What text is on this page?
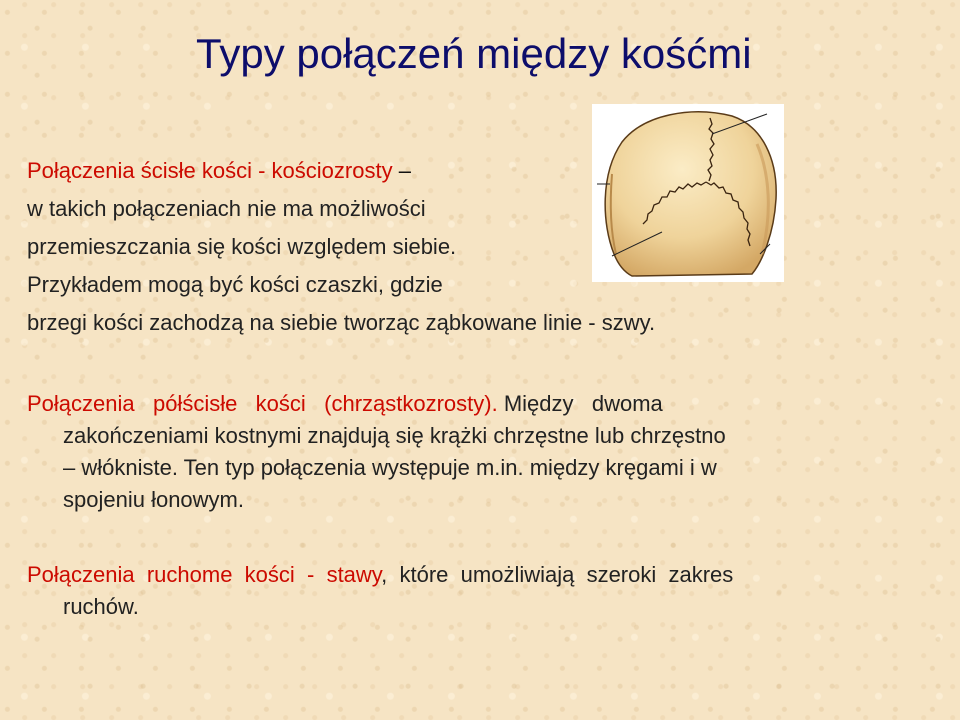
Typy połączeń między kośćmi
Połączenia ścisłe kości - kościozrosty –
w takich połączeniach nie ma możliwości
przemieszczania się kości względem siebie.
Przykładem mogą być kości czaszki, gdzie
brzegi kości zachodzą na siebie tworząc ząbkowane linie - szwy.
Połączenia   półścisłe   kości   (chrząstkozrosty). Między   dwoma
zakończeniami kostnymi znajdują się krążki chrzęstne lub chrzęstno
– włókniste. Ten typ połączenia występuje m.in. między kręgami i w
spojeniu łonowym.
Połączenia  ruchome  kości  -  stawy,  które  umożliwiają  szeroki  zakres
ruchów.
